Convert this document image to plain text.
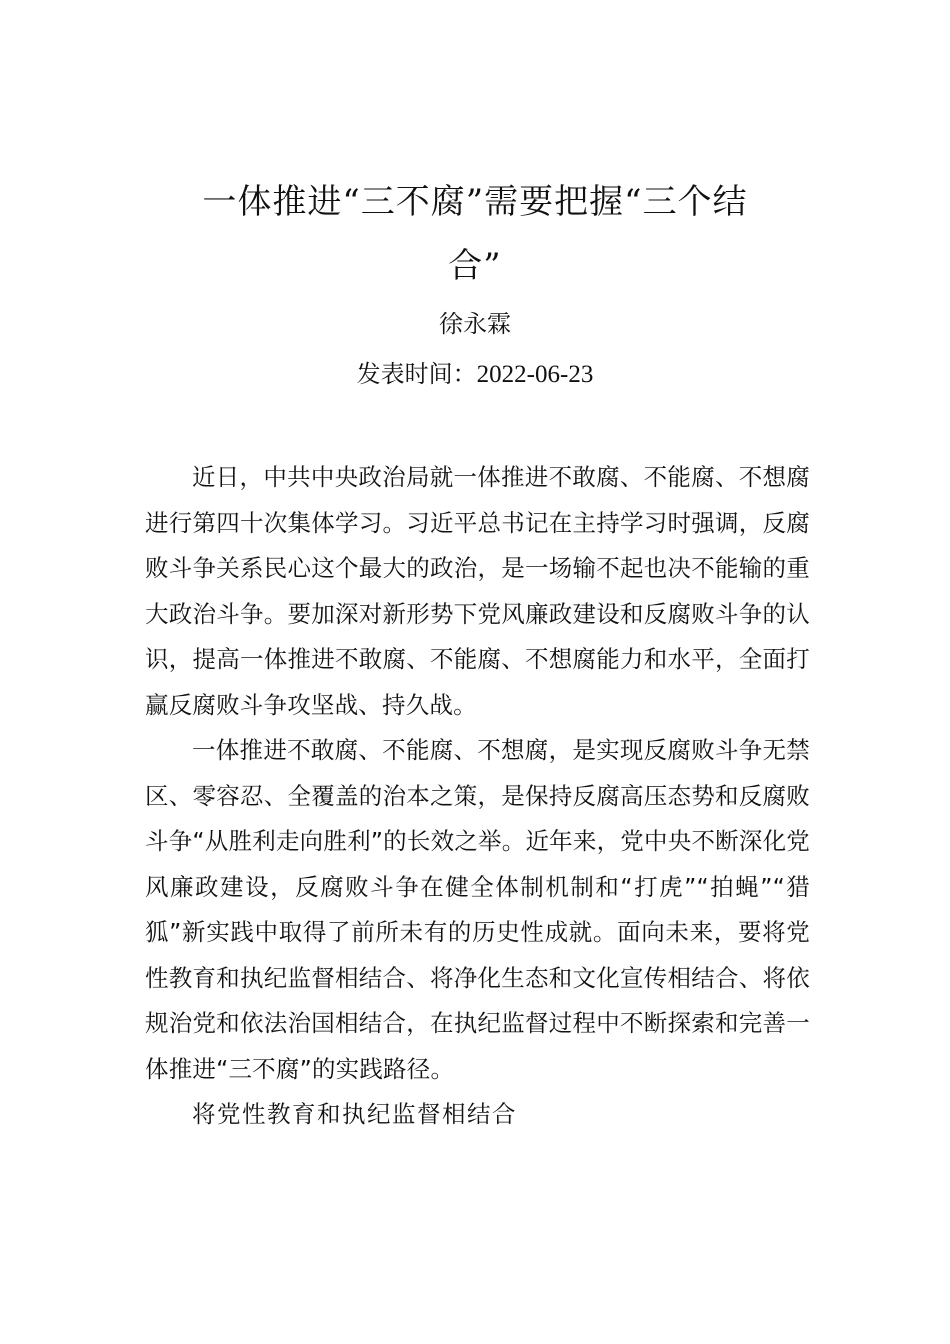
一体推进“三不腐”需要把握“三个结
合”
徐永霖
发表时间：2022-06-23

近日，中共中央政治局就一体推进不敢腐、不能腐、不想腐进行第四十次集体学习。习近平总书记在主持学习时强调，反腐败斗争关系民心这个最大的政治，是一场输不起也决不能输的重大政治斗争。要加深对新形势下党风廉政建设和反腐败斗争的认识，提高一体推进不敢腐、不能腐、不想腐能力和水平，全面打赢反腐败斗争攻坚战、持久战。

一体推进不敢腐、不能腐、不想腐，是实现反腐败斗争无禁区、零容忍、全覆盖的治本之策，是保持反腐高压态势和反腐败斗争“从胜利走向胜利”的长效之举。近年来，党中央不断深化党风廉政建设，反腐败斗争在健全体制机制和“打虎”“拍蝇”“猎狐”新实践中取得了前所未有的历史性成就。面向未来，要将党性教育和执纪监督相结合、将净化生态和文化宣传相结合、将依规治党和依法治国相结合，在执纪监督过程中不断探索和完善一体推进“三不腐”的实践路径。

将党性教育和执纪监督相结合
